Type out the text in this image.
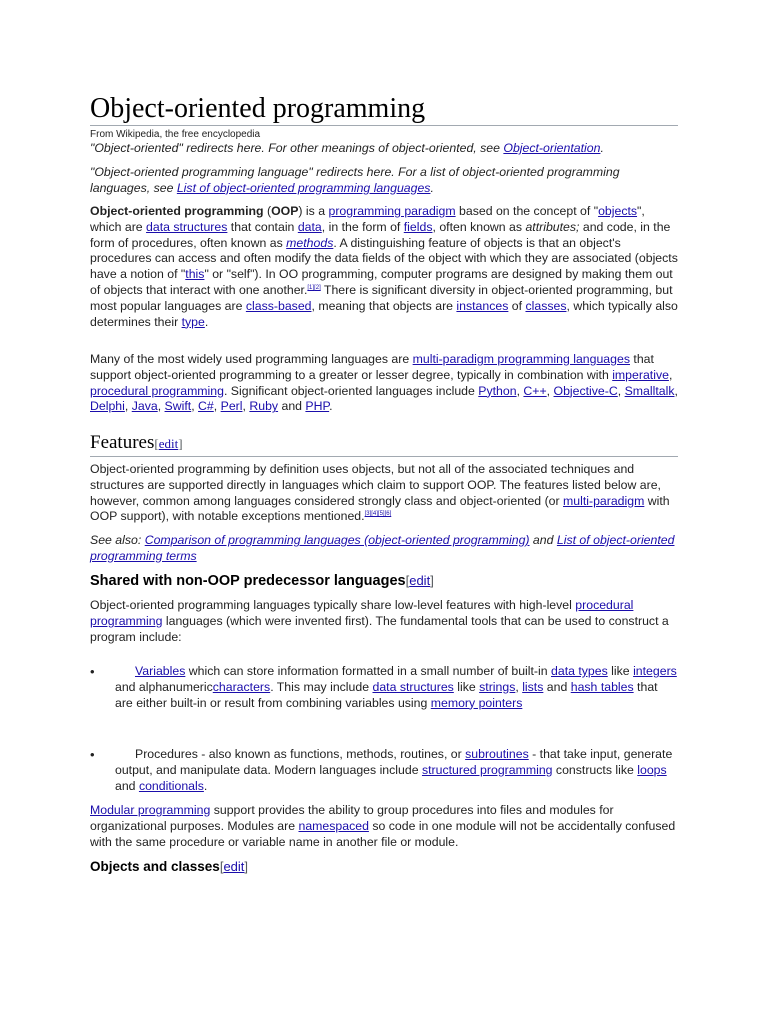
Object-oriented programming
From Wikipedia, the free encyclopedia

"Object-oriented" redirects here. For other meanings of object-oriented, see Object-orientation.

"Object-oriented programming language" redirects here. For a list of object-oriented programming languages, see List of object-oriented programming languages.

Object-oriented programming (OOP) is a programming paradigm based on the concept of "objects", which are data structures that contain data, in the form of fields, often known as attributes; and code, in the form of procedures, often known as methods. A distinguishing feature of objects is that an object's procedures can access and often modify the data fields of the object with which they are associated (objects have a notion of "this" or "self"). In OO programming, computer programs are designed by making them out of objects that interact with one another.[1][2] There is significant diversity in object-oriented programming, but most popular languages are class-based, meaning that objects are instances of classes, which typically also determines their type.

Many of the most widely used programming languages are multi-paradigm programming languages that support object-oriented programming to a greater or lesser degree, typically in combination with imperative, procedural programming. Significant object-oriented languages include Python, C++, Objective-C, Smalltalk, Delphi, Java, Swift, C#, Perl, Ruby and PHP.

Features[edit]

Object-oriented programming by definition uses objects, but not all of the associated techniques and structures are supported directly in languages which claim to support OOP. The features listed below are, however, common among languages considered strongly class and object-oriented (or multi-paradigm with OOP support), with notable exceptions mentioned.[3][4][5][6]

See also: Comparison of programming languages (object-oriented programming) and List of object-oriented programming terms

Shared with non-OOP predecessor languages[edit]

Object-oriented programming languages typically share low-level features with high-level procedural programming languages (which were invented first). The fundamental tools that can be used to construct a program include:

•	Variables which can store information formatted in a small number of built-in data types like integers and alphanumericcharacters. This may include data structures like strings, lists and hash tables that are either built-in or result from combining variables using memory pointers

•	Procedures - also known as functions, methods, routines, or subroutines - that take input, generate output, and manipulate data. Modern languages include structured programming constructs like loops and conditionals.

Modular programming support provides the ability to group procedures into files and modules for organizational purposes. Modules are namespaced so code in one module will not be accidentally confused with the same procedure or variable name in another file or module.

Objects and classes[edit]
